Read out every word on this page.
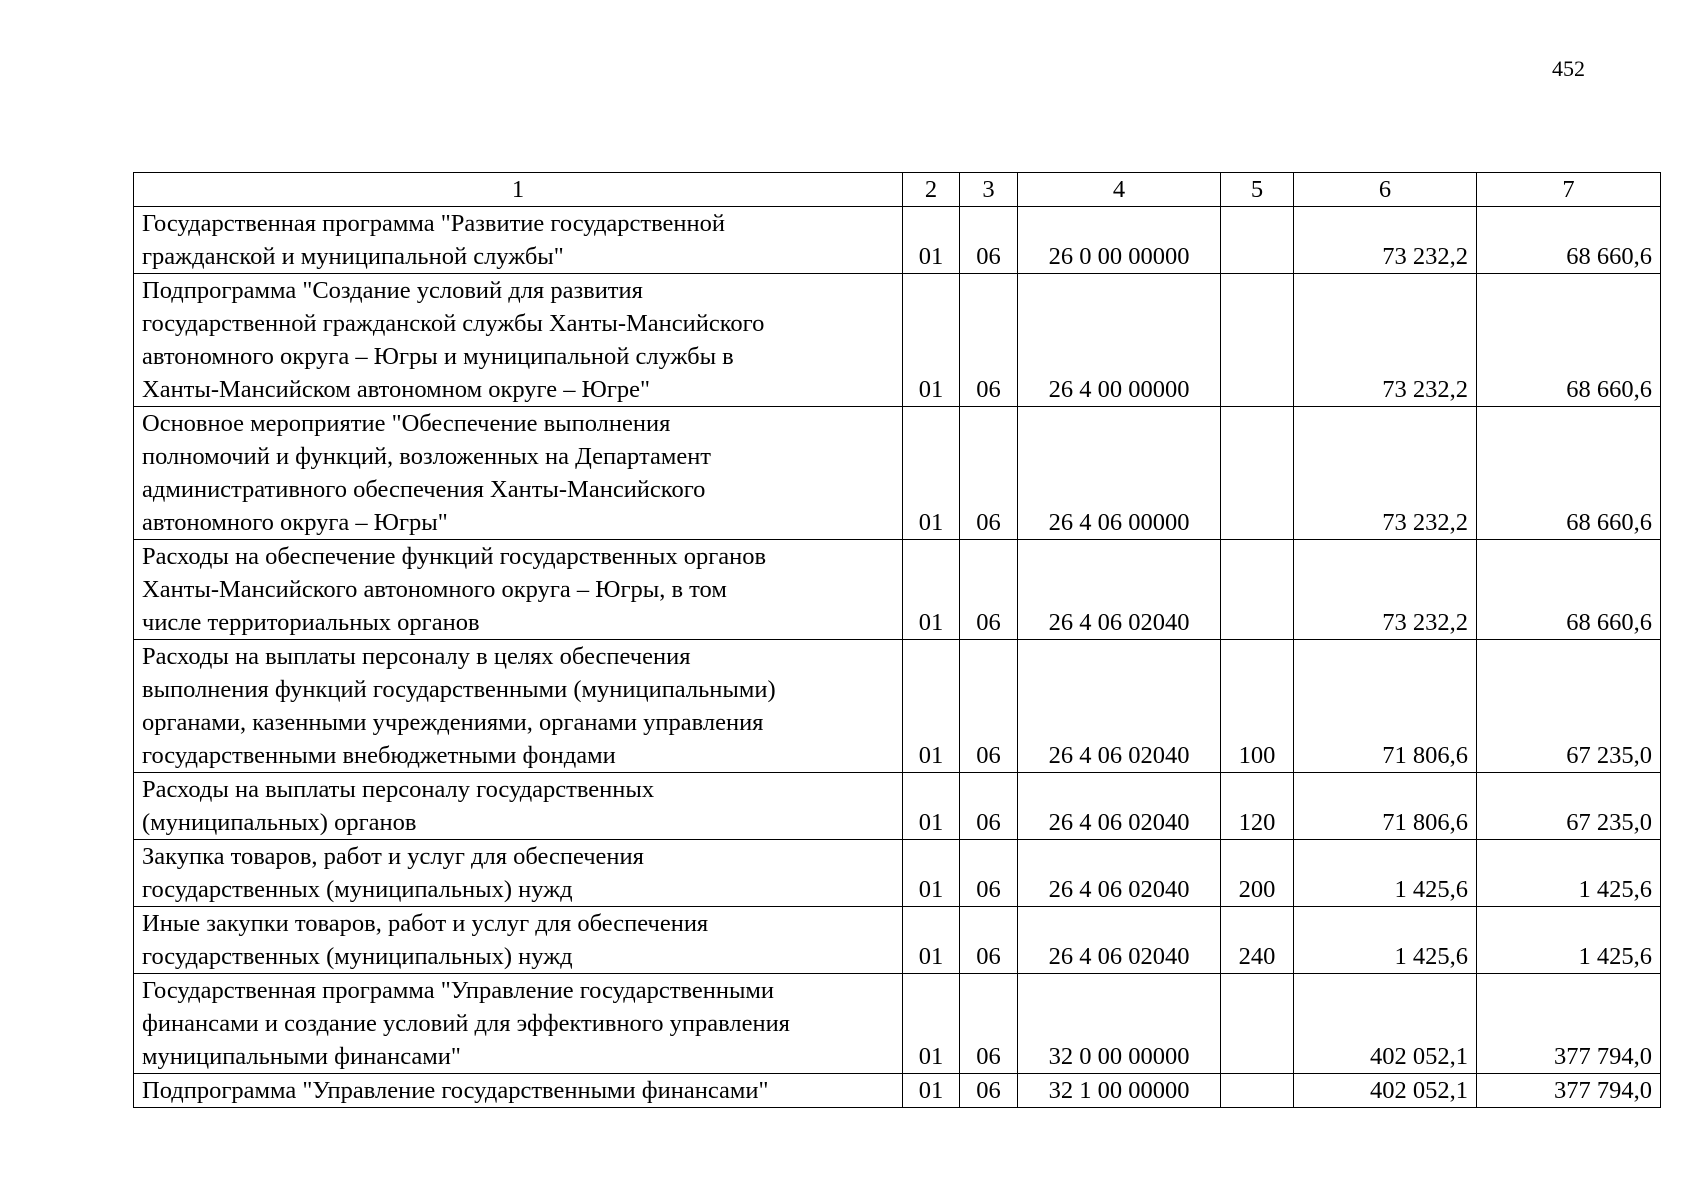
452
1	2	3	4	5	6	7
Государственная программа "Развитие государственной
гражданской и муниципальной службы"	01	06	26 0 00 00000		73 232,2	68 660,6
Подпрограмма "Создание условий для развития
государственной гражданской службы Ханты-Мансийского
автономного округа – Югры и муниципальной службы в
Ханты-Мансийском автономном округе – Югре"	01	06	26 4 00 00000		73 232,2	68 660,6
Основное мероприятие "Обеспечение выполнения
полномочий и функций, возложенных на Департамент
административного обеспечения Ханты-Мансийского
автономного округа – Югры"	01	06	26 4 06 00000		73 232,2	68 660,6
Расходы на обеспечение функций государственных органов
Ханты-Мансийского автономного округа – Югры, в том
числе территориальных органов	01	06	26 4 06 02040		73 232,2	68 660,6
Расходы на выплаты персоналу в целях обеспечения
выполнения функций государственными (муниципальными)
органами, казенными учреждениями, органами управления
государственными внебюджетными фондами	01	06	26 4 06 02040	100	71 806,6	67 235,0
Расходы на выплаты персоналу государственных
(муниципальных) органов	01	06	26 4 06 02040	120	71 806,6	67 235,0
Закупка товаров, работ и услуг для обеспечения
государственных (муниципальных) нужд	01	06	26 4 06 02040	200	1 425,6	1 425,6
Иные закупки товаров, работ и услуг для обеспечения
государственных (муниципальных) нужд	01	06	26 4 06 02040	240	1 425,6	1 425,6
Государственная программа "Управление государственными
финансами и создание условий для эффективного управления
муниципальными финансами"	01	06	32 0 00 00000		402 052,1	377 794,0
Подпрограмма "Управление государственными финансами"	01	06	32 1 00 00000		402 052,1	377 794,0
